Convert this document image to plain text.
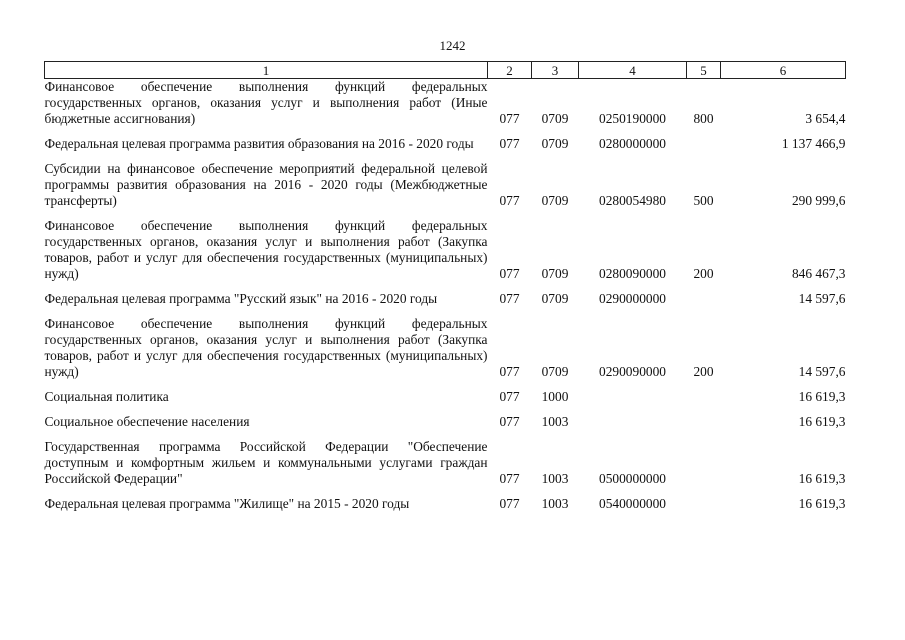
1242
1	2	3	4	5	6
Финансовое обеспечение выполнения функций федеральных государственных органов, оказания услуг и выполнения работ (Иные бюджетные ассигнования)	077	0709	0250190000	800	3 654,4
Федеральная целевая программа развития образования на 2016 - 2020 годы	077	0709	0280000000		1 137 466,9
Субсидии на финансовое обеспечение мероприятий федеральной целевой программы развития образования на 2016 - 2020 годы (Межбюджетные трансферты)	077	0709	0280054980	500	290 999,6
Финансовое обеспечение выполнения функций федеральных государственных органов, оказания услуг и выполнения работ (Закупка товаров, работ и услуг для обеспечения государственных (муниципальных) нужд)	077	0709	0280090000	200	846 467,3
Федеральная целевая программа "Русский язык" на 2016 - 2020 годы	077	0709	0290000000		14 597,6
Финансовое обеспечение выполнения функций федеральных государственных органов, оказания услуг и выполнения работ (Закупка товаров, работ и услуг для обеспечения государственных (муниципальных) нужд)	077	0709	0290090000	200	14 597,6
Социальная политика	077	1000			16 619,3
Социальное обеспечение населения	077	1003			16 619,3
Государственная программа Российской Федерации "Обеспечение доступным и комфортным жильем и коммунальными услугами граждан Российской Федерации"	077	1003	0500000000		16 619,3
Федеральная целевая программа "Жилище" на 2015 - 2020 годы	077	1003	0540000000		16 619,3
